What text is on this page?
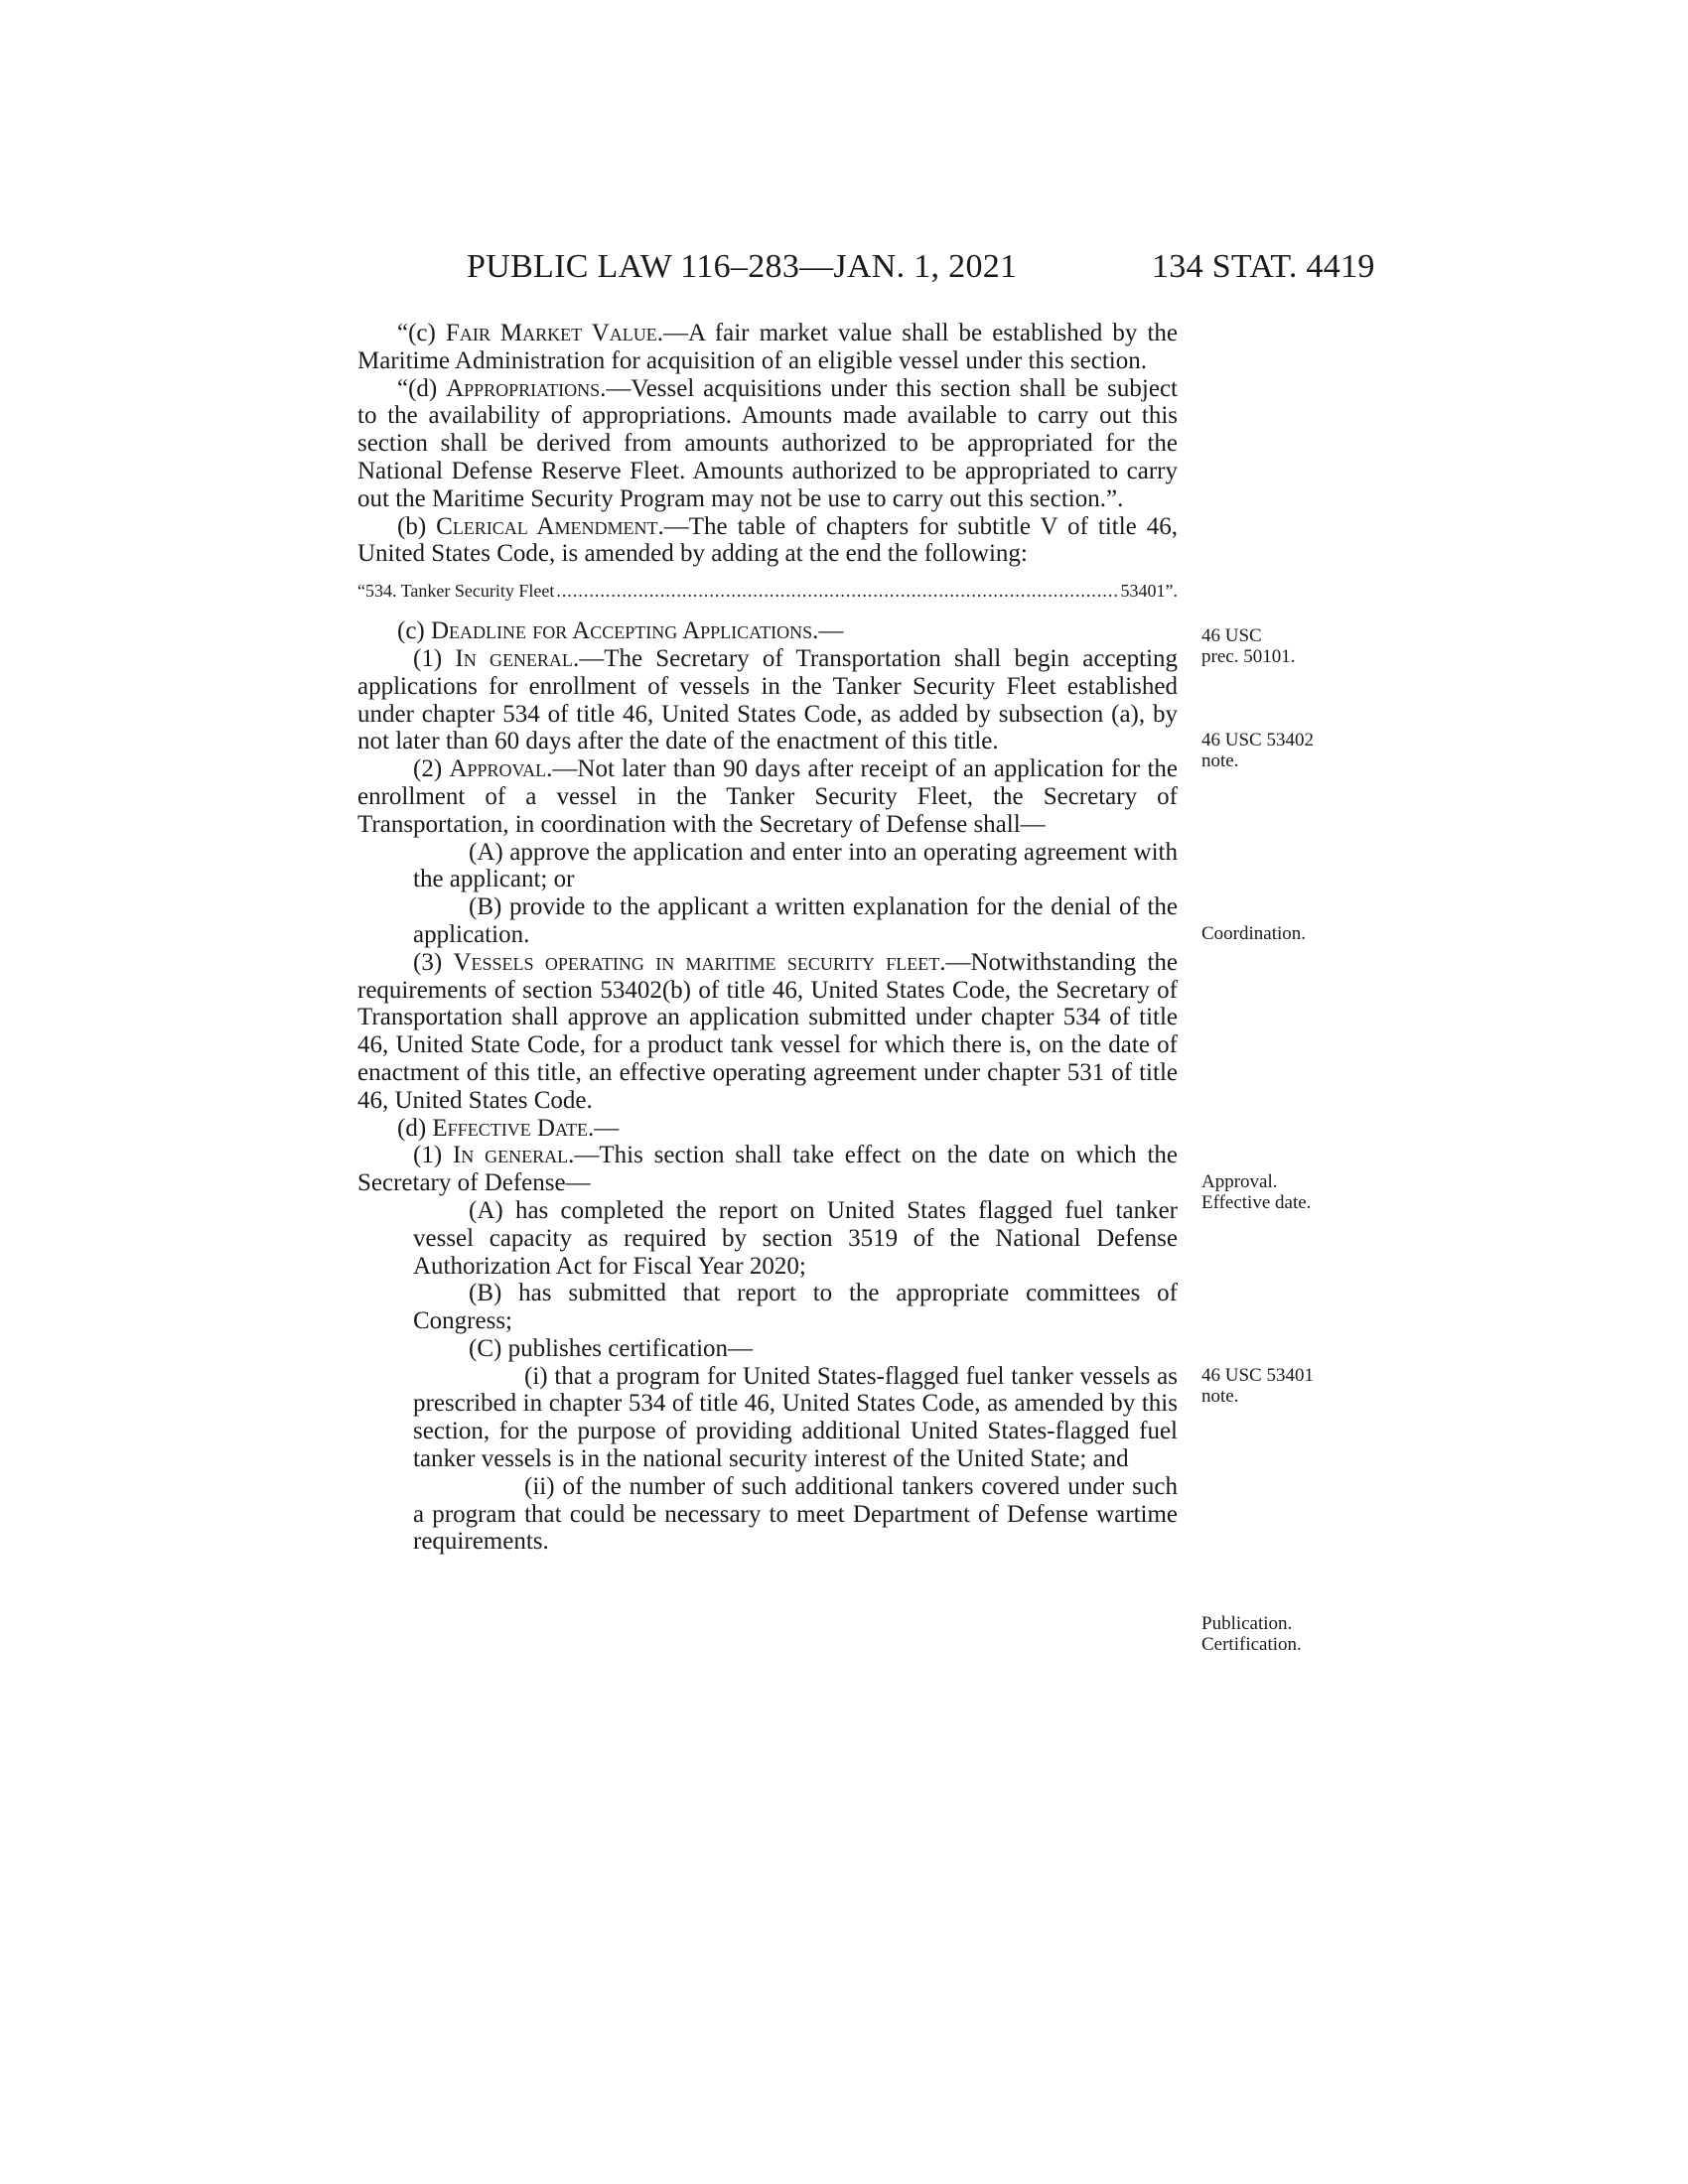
PUBLIC LAW 116–283—JAN. 1, 2021	134 STAT. 4419

“(c) Fair Market Value.—A fair market value shall be established by the Maritime Administration for acquisition of an eligible vessel under this section.

“(d) Appropriations.—Vessel acquisitions under this section shall be subject to the availability of appropriations. Amounts made available to carry out this section shall be derived from amounts authorized to be appropriated for the National Defense Reserve Fleet. Amounts authorized to be appropriated to carry out the Maritime Security Program may not be use to carry out this section.”.

(b) Clerical Amendment.—The table of chapters for subtitle V of title 46, United States Code, is amended by adding at the end the following:

“534. Tanker Security Fleet .....	53401”.

(c) Deadline for Accepting Applications.—

(1) In general.—The Secretary of Transportation shall begin accepting applications for enrollment of vessels in the Tanker Security Fleet established under chapter 534 of title 46, United States Code, as added by subsection (a), by not later than 60 days after the date of the enactment of this title.

(2) Approval.—Not later than 90 days after receipt of an application for the enrollment of a vessel in the Tanker Security Fleet, the Secretary of Transportation, in coordination with the Secretary of Defense shall—

(A) approve the application and enter into an operating agreement with the applicant; or

(B) provide to the applicant a written explanation for the denial of the application.

(3) Vessels operating in maritime security fleet.—Notwithstanding the requirements of section 53402(b) of title 46, United States Code, the Secretary of Transportation shall approve an application submitted under chapter 534 of title 46, United State Code, for a product tank vessel for which there is, on the date of enactment of this title, an effective operating agreement under chapter 531 of title 46, United States Code.

(d) Effective Date.—

(1) In general.—This section shall take effect on the date on which the Secretary of Defense—

(A) has completed the report on United States flagged fuel tanker vessel capacity as required by section 3519 of the National Defense Authorization Act for Fiscal Year 2020;

(B) has submitted that report to the appropriate committees of Congress;

(C) publishes certification—

(i) that a program for United States-flagged fuel tanker vessels as prescribed in chapter 534 of title 46, United States Code, as amended by this section, for the purpose of providing additional United States-flagged fuel tanker vessels is in the national security interest of the United State; and

(ii) of the number of such additional tankers covered under such a program that could be necessary to meet Department of Defense wartime requirements.

46 USC
prec. 50101.
46 USC 53402
note.
Coordination.
Approval.
Effective date.
46 USC 53401
note.
Publication.
Certification.
